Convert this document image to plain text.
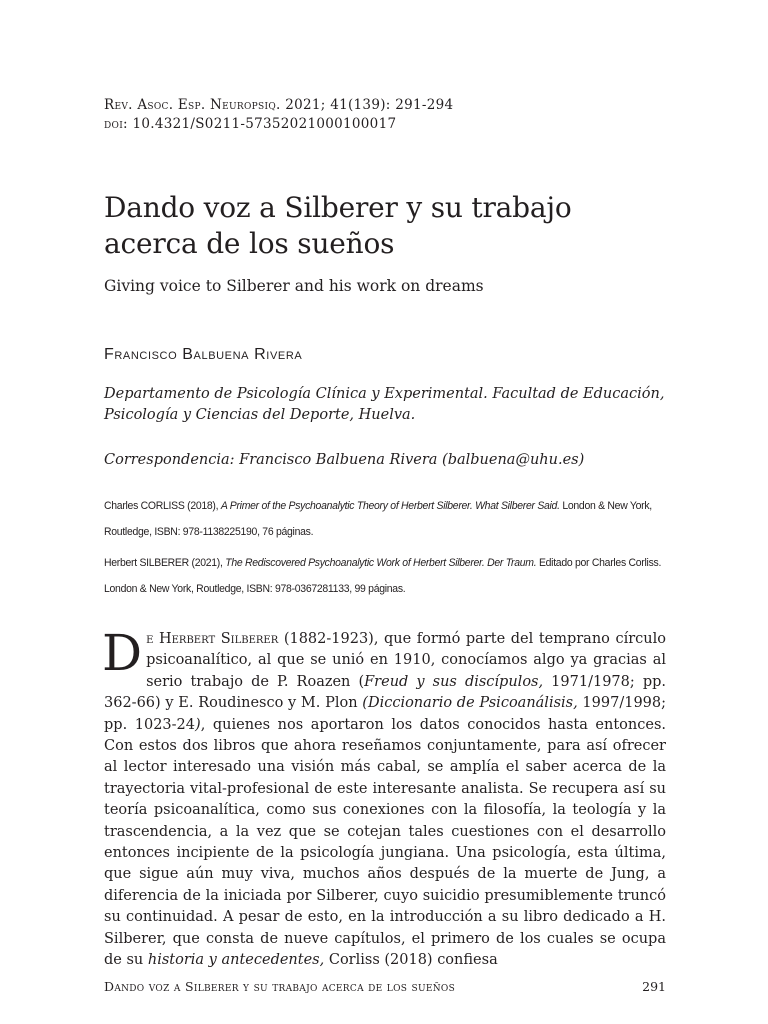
Rev. Asoc. Esp. Neuropsiq. 2021; 41(139): 291-294
doi: 10.4321/S0211-57352021000100017
Dando voz a Silberer y su trabajo acerca de los sueños

Giving voice to Silberer and his work on dreams

Francisco Balbuena Rivera

Departamento de Psicología Clínica y Experimental. Facultad de Educación, Psicología y Ciencias del Deporte, Huelva.

Correspondencia: Francisco Balbuena Rivera (balbuena@uhu.es)

Charles CORLISS (2018), A Primer of the Psychoanalytic Theory of Herbert Silberer. What Silberer Said. London & New York, Routledge, ISBN: 978-1138225190, 76 páginas.

Herbert SILBERER (2021), The Rediscovered Psychoanalytic Work of Herbert Silberer. Der Traum. Editado por Charles Corliss. London & New York, Routledge, ISBN: 978-0367281133, 99 páginas.

De Herbert Silberer (1882-1923), que formó parte del temprano círculo psicoanalítico, al que se unió en 1910, conocíamos algo ya gracias al serio trabajo de P. Roazen (Freud y sus discípulos, 1971/1978; pp. 362-66) y E. Roudinesco y M. Plon (Diccionario de Psicoanálisis, 1997/1998; pp. 1023-24), quienes nos aportaron los datos conocidos hasta entonces. Con estos dos libros que ahora reseñamos conjuntamente, para así ofrecer al lector interesado una visión más cabal, se amplía el saber acerca de la trayectoria vital-profesional de este interesante analista. Se recupera así su teoría psicoanalítica, como sus conexiones con la filosofía, la teología y la trascendencia, a la vez que se cotejan tales cuestiones con el desarrollo entonces incipiente de la psicología jungiana. Una psicología, esta última, que sigue aún muy viva, muchos años después de la muerte de Jung, a diferencia de la iniciada por Silberer, cuyo suicidio presumiblemente truncó su continuidad. A pesar de esto, en la introducción a su libro dedicado a H. Silberer, que consta de nueve capítulos, el primero de los cuales se ocupa de su historia y antecedentes, Corliss (2018) confiesa

Dando voz a Silberer y su trabajo acerca de los sueños	291
